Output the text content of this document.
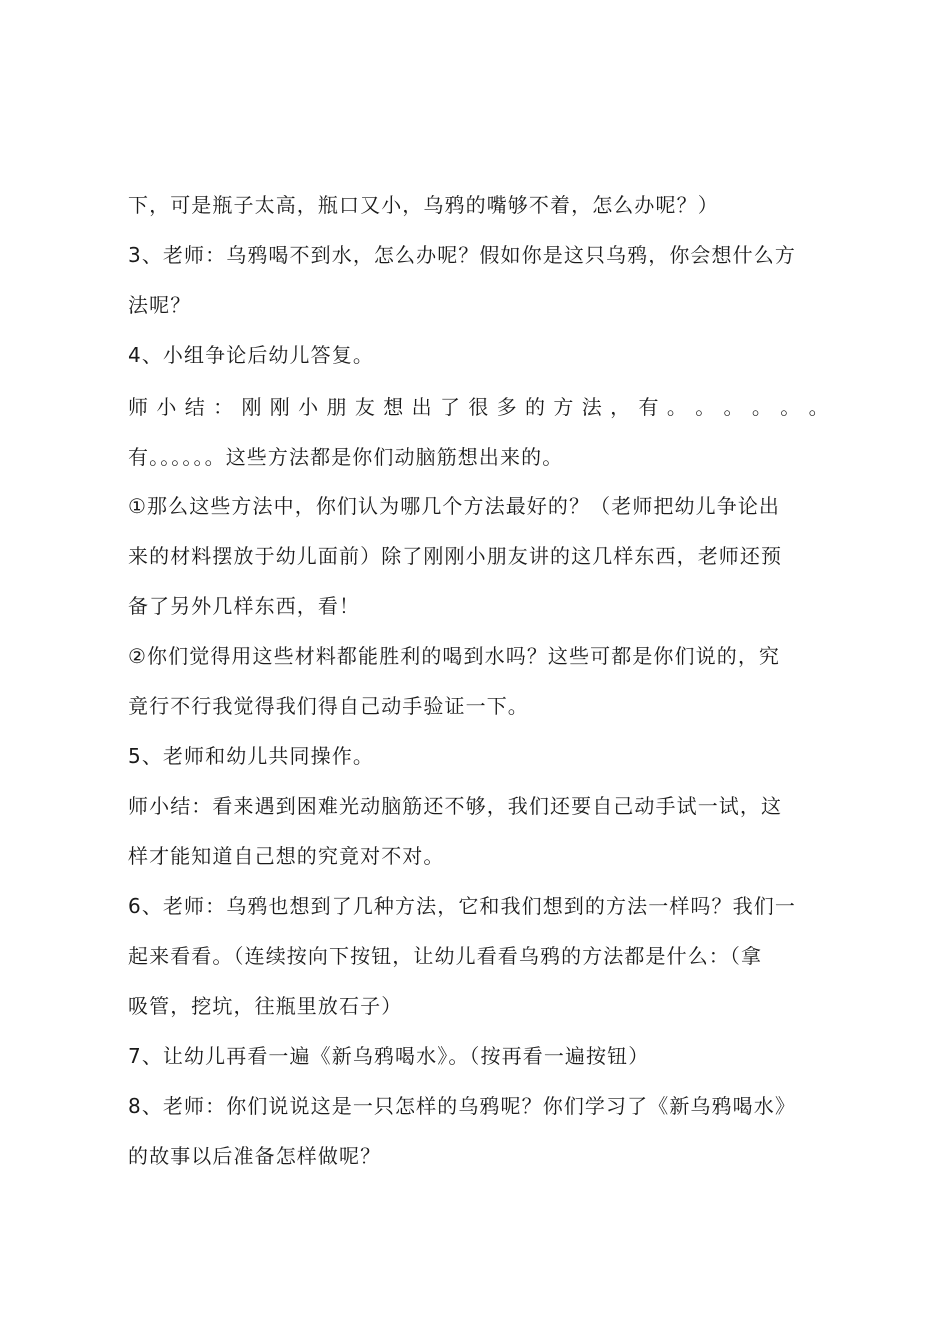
下，可是瓶子太高，瓶口又小，乌鸦的嘴够不着，怎么办呢？）
3、老师：乌鸦喝不到水，怎么办呢？假如你是这只乌鸦，你会想什么方
法呢？
4、小组争论后幼儿答复。
师 小 结 ： 刚 刚 小 朋 友 想 出 了 很 多 的 方 法 ， 有 。 。 。 。 。 。
有。。。。。。这些方法都是你们动脑筋想出来的。
①那么这些方法中，你们认为哪几个方法最好的？（老师把幼儿争论出
来的材料摆放于幼儿面前）除了刚刚小朋友讲的这几样东西，老师还预
备了另外几样东西，看！
②你们觉得用这些材料都能胜利的喝到水吗？这些可都是你们说的，究
竟行不行我觉得我们得自己动手验证一下。
5、老师和幼儿共同操作。
师小结：看来遇到困难光动脑筋还不够，我们还要自己动手试一试，这
样才能知道自己想的究竟对不对。
6、老师：乌鸦也想到了几种方法，它和我们想到的方法一样吗？我们一
起来看看。（连续按向下按钮，让幼儿看看乌鸦的方法都是什么：（拿
吸管，挖坑，往瓶里放石子）
7、让幼儿再看一遍《新乌鸦喝水》。（按再看一遍按钮）
8、老师：你们说说这是一只怎样的乌鸦呢？你们学习了《新乌鸦喝水》
的故事以后准备怎样做呢？
